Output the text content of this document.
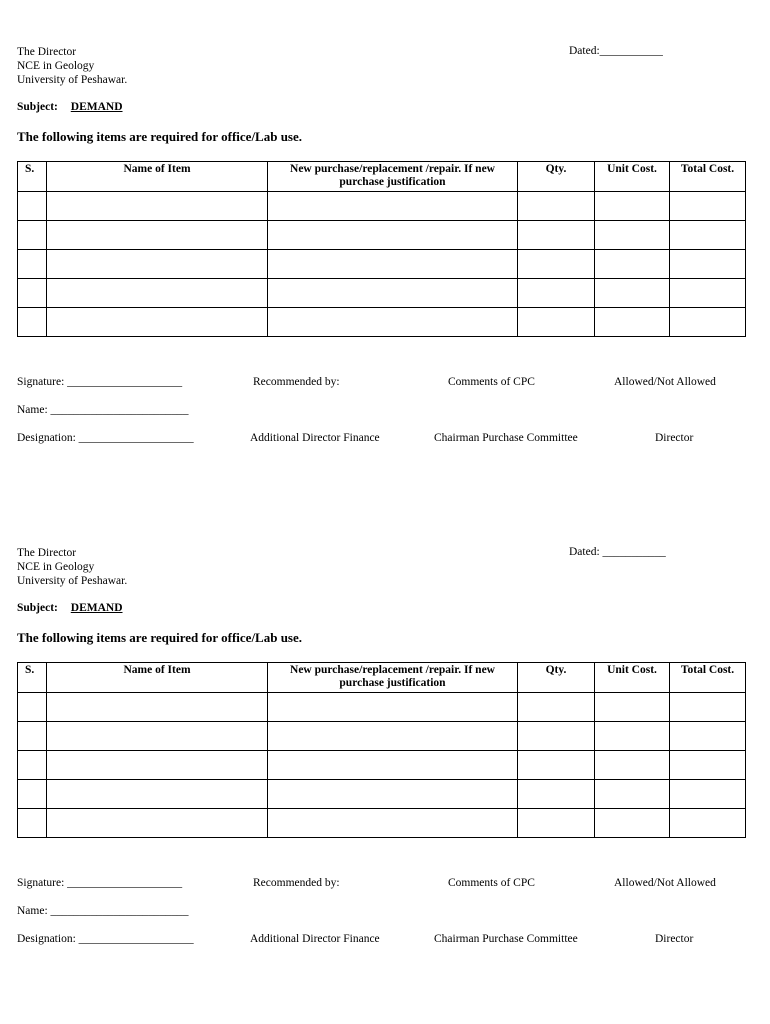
The Director
NCE in Geology
University of Peshawar.
Dated:___________
Subject: DEMAND
The following items are required for office/Lab use.
S.	Name of Item	New purchase/replacement /repair. If new purchase justification	Qty.	Unit Cost.	Total Cost.

Signature: ____________________	Recommended by:	Comments of CPC	Allowed/Not Allowed
Name: ________________________
Designation: ____________________	Additional Director Finance	Chairman Purchase Committee	Director
The Director
NCE in Geology
University of Peshawar.
Dated: ___________
Subject: DEMAND
The following items are required for office/Lab use.
S.	Name of Item	New purchase/replacement /repair. If new purchase justification	Qty.	Unit Cost.	Total Cost.

Signature: ____________________	Recommended by:	Comments of CPC	Allowed/Not Allowed
Name: ________________________
Designation: ____________________	Additional Director Finance	Chairman Purchase Committee	Director
